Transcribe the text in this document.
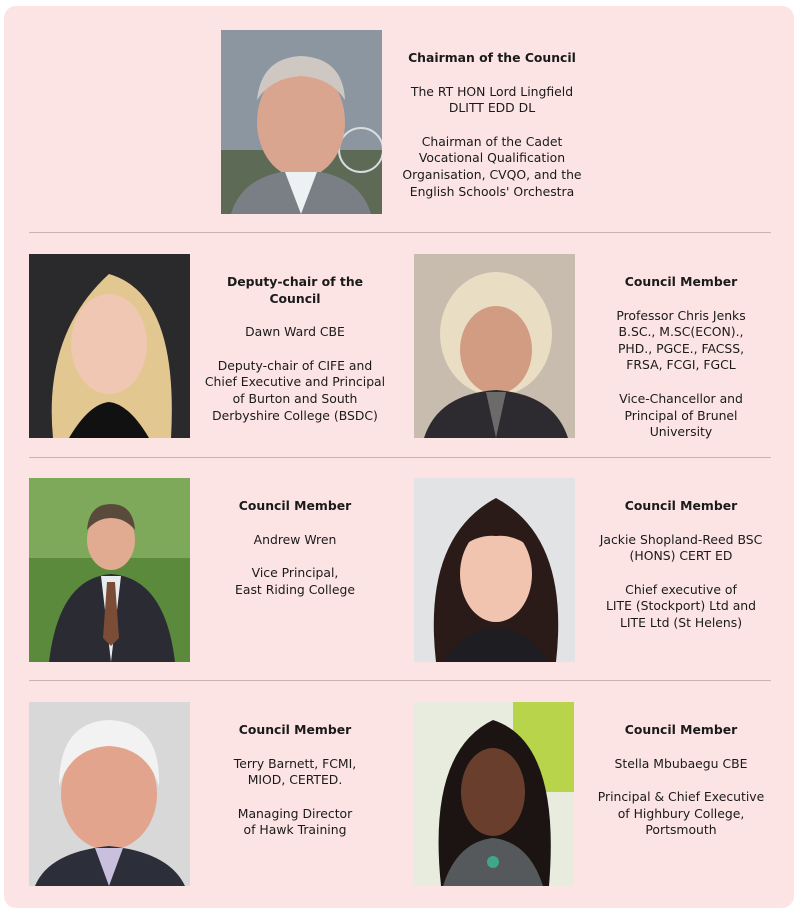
Chairman of the Council
The RT HON Lord Lingfield
DLITT EDD DL
Chairman of the Cadet
Vocational Qualification
Organisation, CVQO, and the
English Schools' Orchestra
Deputy-chair of the Council
Dawn Ward CBE
Deputy-chair of CIFE and
Chief Executive and Principal
of Burton and South
Derbyshire College (BSDC)
Council Member
Professor Chris Jenks
B.SC., M.SC(ECON).,
PHD., PGCE., FACSS,
FRSA, FCGI, FGCL
Vice-Chancellor and
Principal of Brunel
University
Council Member
Andrew Wren
Vice Principal,
East Riding College
Council Member
Jackie Shopland-Reed BSC
(HONS) CERT ED
Chief executive of
LITE (Stockport) Ltd and
LITE Ltd (St Helens)
Council Member
Terry Barnett, FCMI,
MIOD, CERTED.
Managing Director
of Hawk Training
Council Member
Stella Mbubaegu CBE
Principal & Chief Executive
of Highbury College,
Portsmouth
